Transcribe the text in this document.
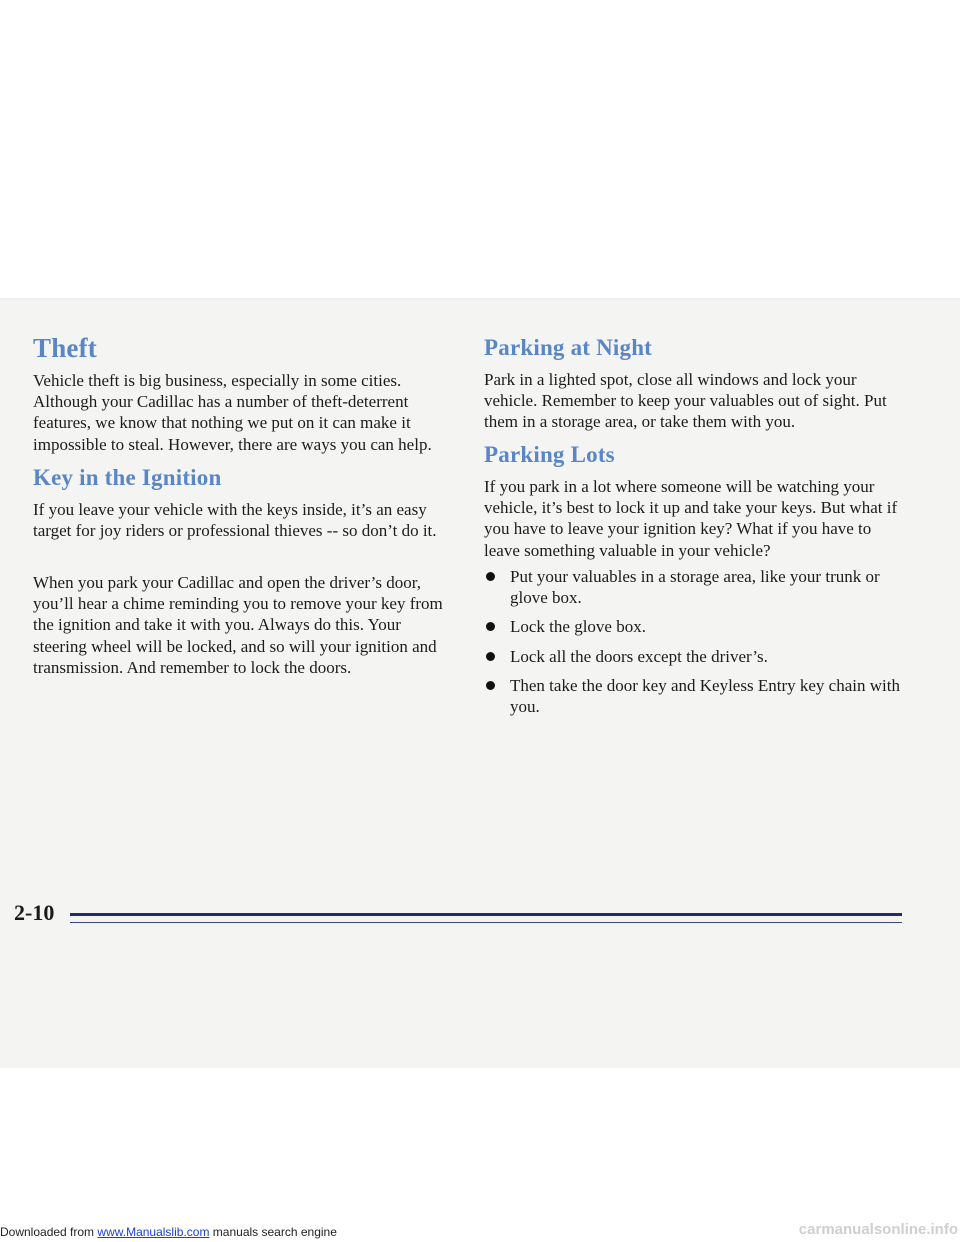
Theft

Vehicle theft is big business, especially in some cities. Although your Cadillac has a number of theft-deterrent features, we know that nothing we put on it can make it impossible to steal. However, there are ways you can help.

Key in the Ignition

If you leave your vehicle with the keys inside, it’s an easy target for joy riders or professional thieves -- so don’t do it.

When you park your Cadillac and open the driver’s door, you’ll hear a chime reminding you to remove your key from the ignition and take it with you. Always do this. Your steering wheel will be locked, and so will your ignition and transmission. And remember to lock the doors.

Parking at Night

Park in a lighted spot, close all windows and lock your vehicle. Remember to keep your valuables out of sight. Put them in a storage area, or take them with you.

Parking Lots

If you park in a lot where someone will be watching your vehicle, it’s best to lock it up and take your keys. But what if you have to leave your ignition key? What if you have to leave something valuable in your vehicle?

Put your valuables in a storage area, like your trunk or glove box.
Lock the glove box.
Lock all the doors except the driver’s.
Then take the door key and Keyless Entry key chain with you.
2-10
Downloaded from www.Manualslib.com manuals search engine	carmanualsonline.info
